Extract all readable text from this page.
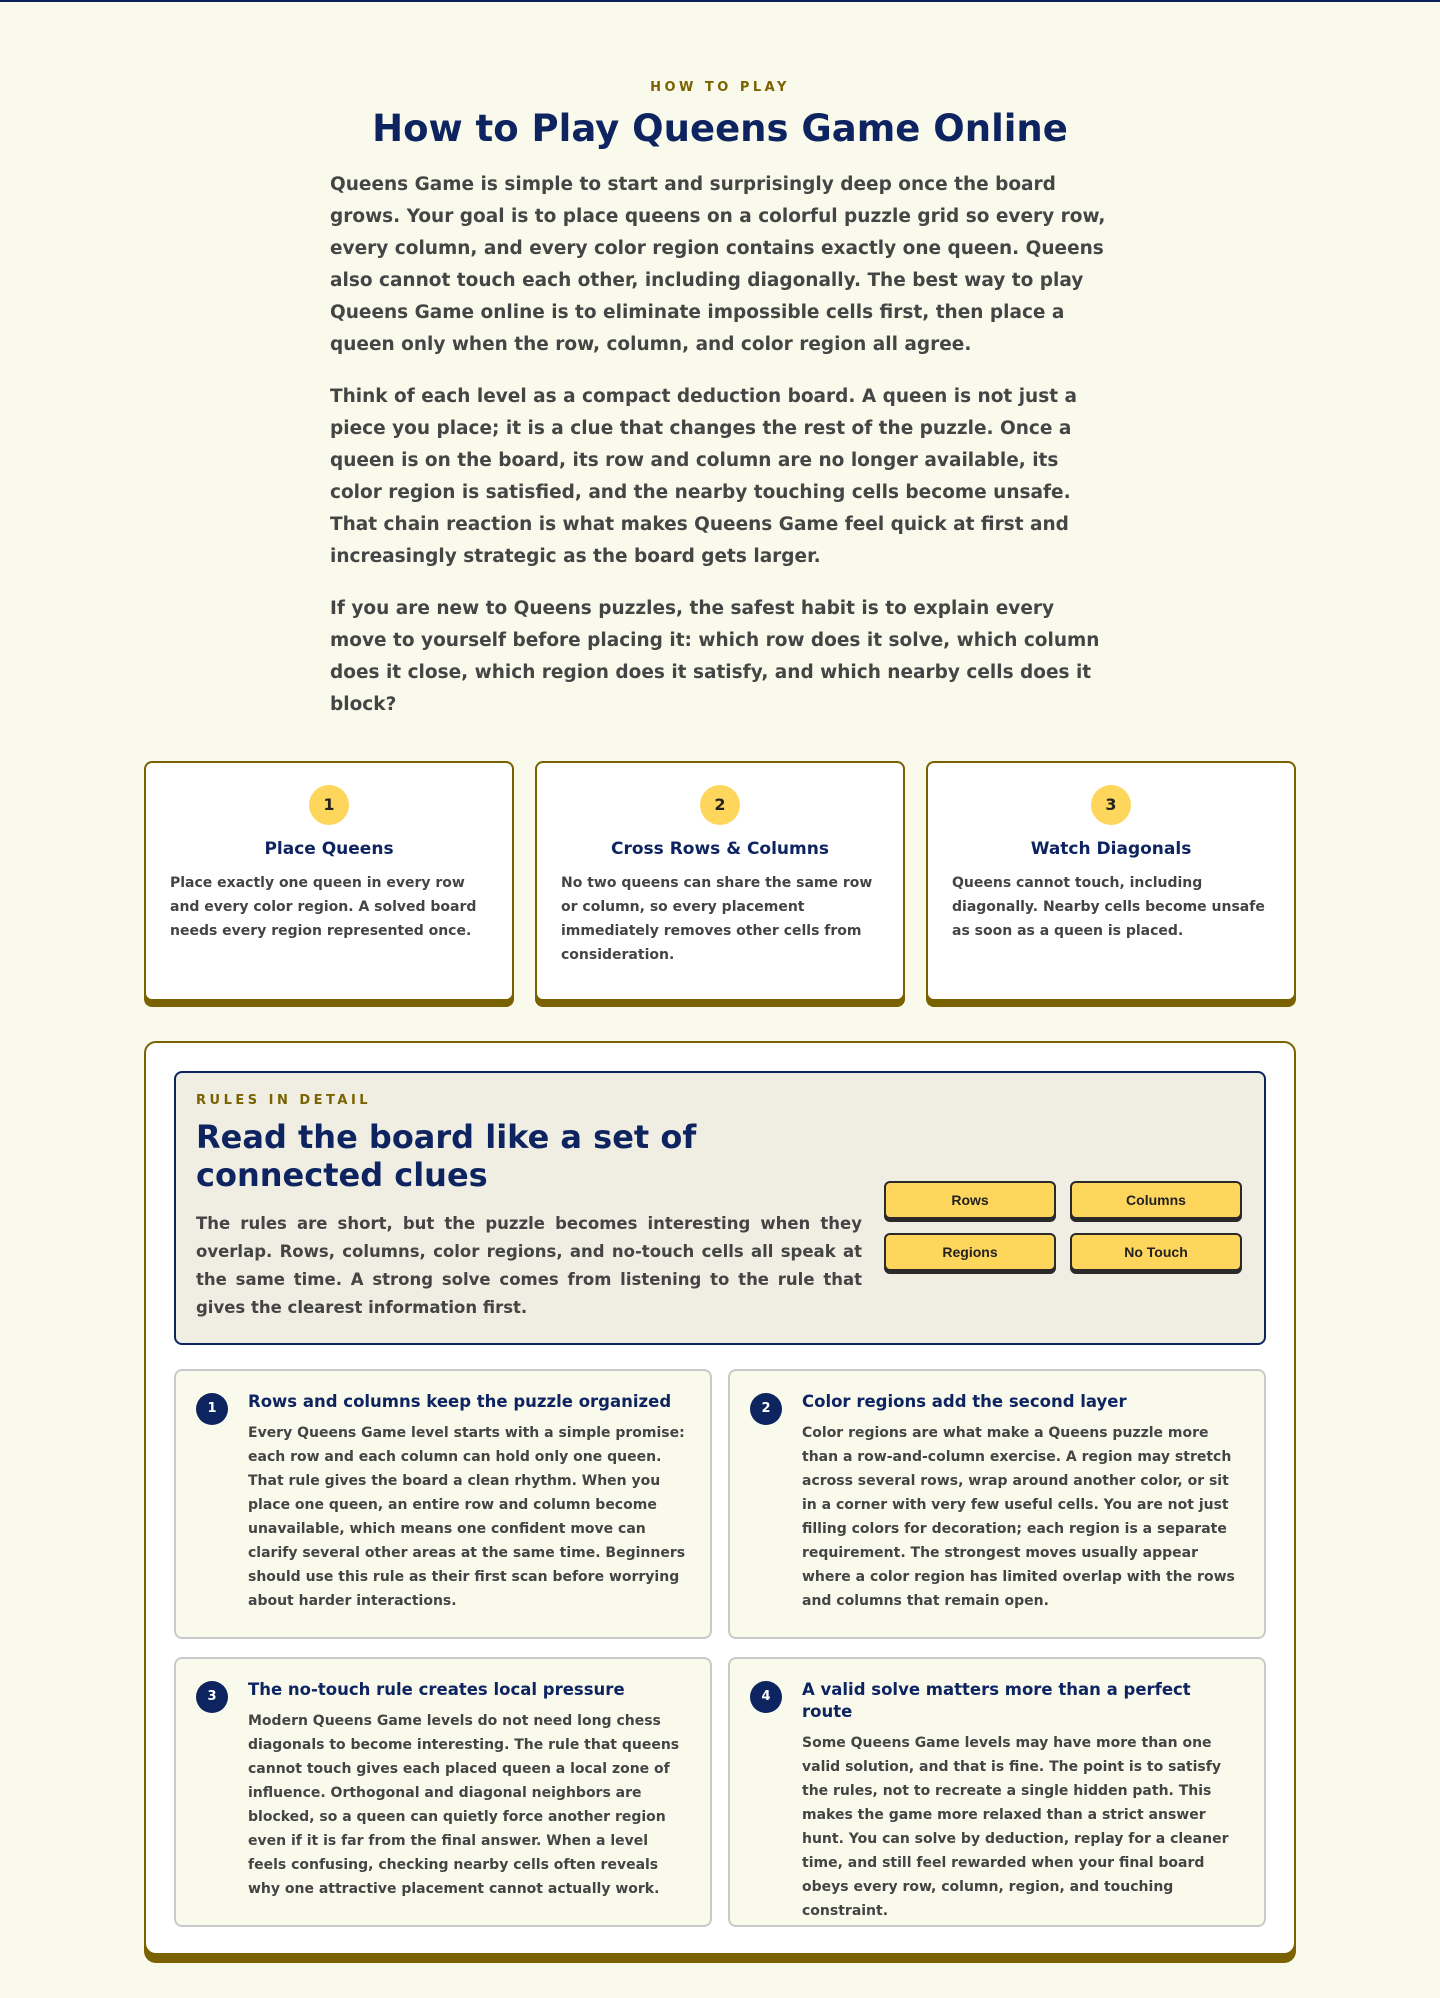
HOW TO PLAY
How to Play Queens Game Online

Queens Game is simple to start and surprisingly deep once the board grows. Your goal is to place queens on a colorful puzzle grid so every row, every column, and every color region contains exactly one queen. Queens also cannot touch each other, including diagonally. The best way to play Queens Game online is to eliminate impossible cells first, then place a queen only when the row, column, and color region all agree.

Think of each level as a compact deduction board. A queen is not just a piece you place; it is a clue that changes the rest of the puzzle. Once a queen is on the board, its row and column are no longer available, its color region is satisfied, and the nearby touching cells become unsafe. That chain reaction is what makes Queens Game feel quick at first and increasingly strategic as the board gets larger.

If you are new to Queens puzzles, the safest habit is to explain every move to yourself before placing it: which row does it solve, which column does it close, which region does it satisfy, and which nearby cells does it block?

1
Place Queens
Place exactly one queen in every row and every color region. A solved board needs every region represented once.
2
Cross Rows & Columns
No two queens can share the same row or column, so every placement immediately removes other cells from consideration.
3
Watch Diagonals
Queens cannot touch, including diagonally. Nearby cells become unsafe as soon as a queen is placed.
RULES IN DETAIL
Read the board like a set of connected clues

The rules are short, but the puzzle becomes interesting when they overlap. Rows, columns, color regions, and no-touch cells all speak at the same time. A strong solve comes from listening to the rule that gives the clearest information first.

Rows	Columns
Regions	No Touch
1	Rows and columns keep the puzzle organized
Every Queens Game level starts with a simple promise: each row and each column can hold only one queen. That rule gives the board a clean rhythm. When you place one queen, an entire row and column become unavailable, which means one confident move can clarify several other areas at the same time. Beginners should use this rule as their first scan before worrying about harder interactions.
2	Color regions add the second layer
Color regions are what make a Queens puzzle more than a row-and-column exercise. A region may stretch across several rows, wrap around another color, or sit in a corner with very few useful cells. You are not just filling colors for decoration; each region is a separate requirement. The strongest moves usually appear where a color region has limited overlap with the rows and columns that remain open.
3	The no-touch rule creates local pressure
Modern Queens Game levels do not need long chess diagonals to become interesting. The rule that queens cannot touch gives each placed queen a local zone of influence. Orthogonal and diagonal neighbors are blocked, so a queen can quietly force another region even if it is far from the final answer. When a level feels confusing, checking nearby cells often reveals why one attractive placement cannot actually work.
4	A valid solve matters more than a perfect route
Some Queens Game levels may have more than one valid solution, and that is fine. The point is to satisfy the rules, not to recreate a single hidden path. This makes the game more relaxed than a strict answer hunt. You can solve by deduction, replay for a cleaner time, and still feel rewarded when your final board obeys every row, column, region, and touching constraint.
